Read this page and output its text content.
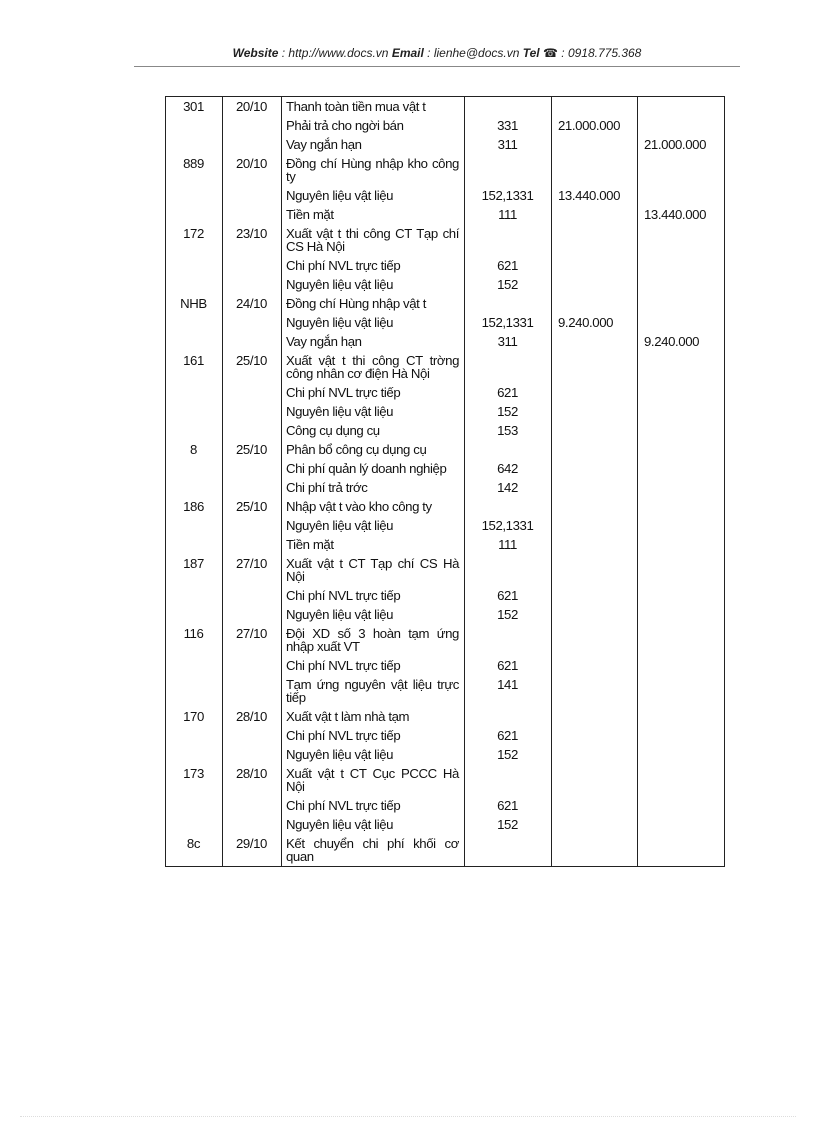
Website : http://www.docs.vn Email : lienhe@docs.vn Tel ☎ : 0918.775.368
301	20/10	Thanh toàn tiền mua vật t			
		Phải trả cho ngời bán	331	21.000.000	
		Vay ngắn hạn	311		21.000.000
889	20/10	Đồng chí Hùng nhập kho công ty			
		Nguyên liệu vật liệu	152,1331	13.440.000	
		Tiền mặt	111		13.440.000
172	23/10	Xuất vật t thi công CT Tạp chí CS Hà Nội			
		Chi phí NVL trực tiếp	621		
		Nguyên liệu vật liệu	152		
NHB	24/10	Đồng chí Hùng nhập vật t			
		Nguyên liệu vật liệu	152,1331	9.240.000	
		Vay ngắn hạn	311		9.240.000
161	25/10	Xuất vật t thi công CT trờng công nhân cơ điện Hà Nội			
		Chi phí NVL trực tiếp	621		
		Nguyên liệu vật liệu	152		
		Công cụ dụng cụ	153		
8	25/10	Phân bổ công cụ dụng cụ			
		Chi phí quản lý doanh nghiệp	642		
		Chi phí trả trớc	142		
186	25/10	Nhập vật t vào kho công ty			
		Nguyên liệu vật liệu	152,1331		
		Tiền mặt	111		
187	27/10	Xuất vật t CT Tạp chí CS Hà Nội			
		Chi phí NVL trực tiếp	621		
		Nguyên liệu vật liệu	152		
116	27/10	Đội XD số 3 hoàn tạm ứng nhập xuất VT			
		Chi phí NVL trực tiếp	621		
		Tạm ứng nguyên vật liệu trực tiếp	141		
170	28/10	Xuất vật t làm nhà tạm			
		Chi phí NVL trực tiếp	621		
		Nguyên liệu vật liệu	152		
173	28/10	Xuất vật t CT Cục PCCC Hà Nội			
		Chi phí NVL trực tiếp	621		
		Nguyên liệu vật liệu	152		
8c	29/10	Kết chuyển chi phí khối cơ quan			
